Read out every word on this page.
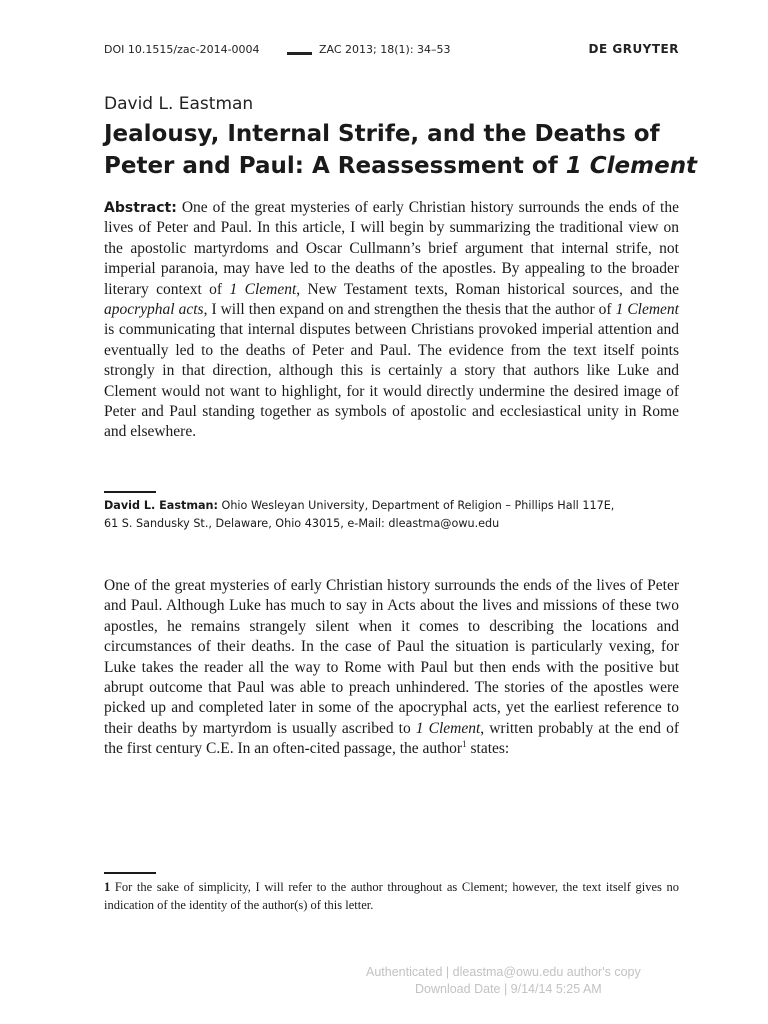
DOI 10.1515/zac-2014-0004	ZAC 2013; 18(1): 34–53	DE GRUYTER
David L. Eastman
Jealousy, Internal Strife, and the Deaths of Peter and Paul: A Reassessment of 1 Clement

Abstract: One of the great mysteries of early Christian history surrounds the ends of the lives of Peter and Paul. In this article, I will begin by summarizing the traditional view on the apostolic martyrdoms and Oscar Cullmann’s brief argument that internal strife, not imperial paranoia, may have led to the deaths of the apostles. By appealing to the broader literary context of 1 Clement, New Testament texts, Roman historical sources, and the apocryphal acts, I will then expand on and strengthen the thesis that the author of 1 Clement is communicating that internal disputes between Christians provoked imperial attention and eventually led to the deaths of Peter and Paul. The evidence from the text itself points strongly in that direction, although this is certainly a story that authors like Luke and Clement would not want to highlight, for it would directly undermine the desired image of Peter and Paul standing together as symbols of apostolic and ecclesiastical unity in Rome and elsewhere.

David L. Eastman: Ohio Wesleyan University, Department of Religion – Phillips Hall 117E,
61 S. Sandusky St., Delaware, Ohio 43015, e-Mail: dleastma@owu.edu

One of the great mysteries of early Christian history surrounds the ends of the lives of Peter and Paul. Although Luke has much to say in Acts about the lives and missions of these two apostles, he remains strangely silent when it comes to describing the locations and circumstances of their deaths. In the case of Paul the situation is particularly vexing, for Luke takes the reader all the way to Rome with Paul but then ends with the positive but abrupt outcome that Paul was able to preach unhindered. The stories of the apostles were picked up and completed later in some of the apocryphal acts, yet the earliest reference to their deaths by martyrdom is usually ascribed to 1 Clement, written probably at the end of the first century C.E. In an often-cited passage, the author$^1$ states:

1 For the sake of simplicity, I will refer to the author throughout as Clement; however, the text itself gives no indication of the identity of the author(s) of this letter.

Authenticated | dleastma@owu.edu author's copy
Download Date | 9/14/14 5:25 AM
